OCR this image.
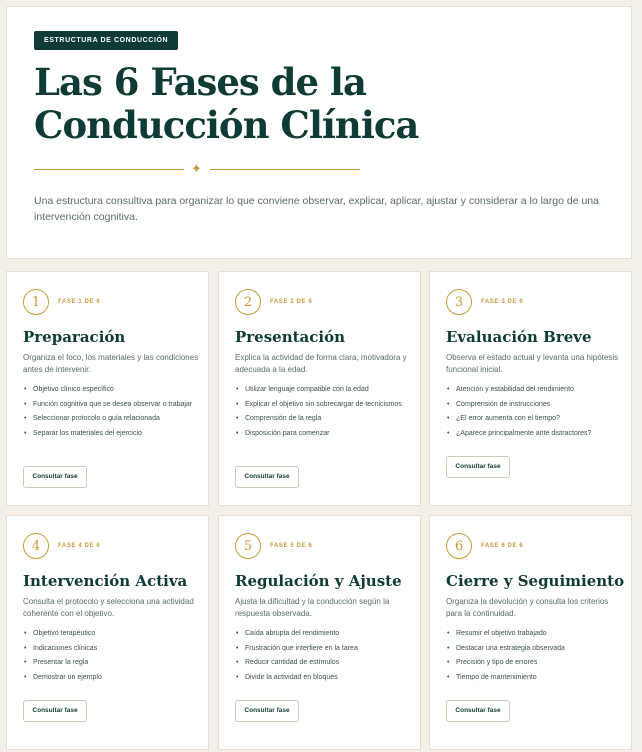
ESTRUCTURA DE CONDUCCIÓN
Las 6 Fases de la Conducción Clínica
✦

Una estructura consultiva para organizar lo que conviene observar, explicar, aplicar, ajustar y considerar a lo largo de una intervención cognitiva.

1	FASE 1 DE 6
Preparación

Organiza el foco, los materiales y las condiciones antes de intervenir.

• Objetivo clínico específico
• Función cognitiva que se desea observar o trabajar
• Seleccionar protocolo o guía relacionada
• Separar los materiales del ejercicio
Consultar fase
2	FASE 2 DE 6
Presentación

Explica la actividad de forma clara, motivadora y adecuada a la edad.

• Utilizar lenguaje compatible con la edad
• Explicar el objetivo sin sobrecargar de tecnicismos
• Comprensión de la regla
• Disposición para comenzar
Consultar fase
3	FASE 3 DE 6
Evaluación Breve

Observa el estado actual y levanta una hipótesis funcional inicial.

• Atención y estabilidad del rendimiento
• Comprensión de instrucciones
• ¿El error aumenta con el tiempo?
• ¿Aparece principalmente ante distractores?
Consultar fase
4	FASE 4 DE 6
Intervención Activa

Consulta el protocolo y selecciona una actividad coherente con el objetivo.

• Objetivo terapéutico
• Indicaciones clínicas
• Presentar la regla
• Demostrar un ejemplo
Consultar fase
5	FASE 5 DE 6
Regulación y Ajuste

Ajusta la dificultad y la conducción según la respuesta observada.

• Caída abrupta del rendimiento
• Frustración que interfiere en la tarea
• Reducir cantidad de estímulos
• Dividir la actividad en bloques
Consultar fase
6	FASE 6 DE 6
Cierre y Seguimiento

Organiza la devolución y consulta los criterios para la continuidad.

• Resumir el objetivo trabajado
• Destacar una estrategia observada
• Precisión y tipo de errores
• Tiempo de mantenimiento
Consultar fase
